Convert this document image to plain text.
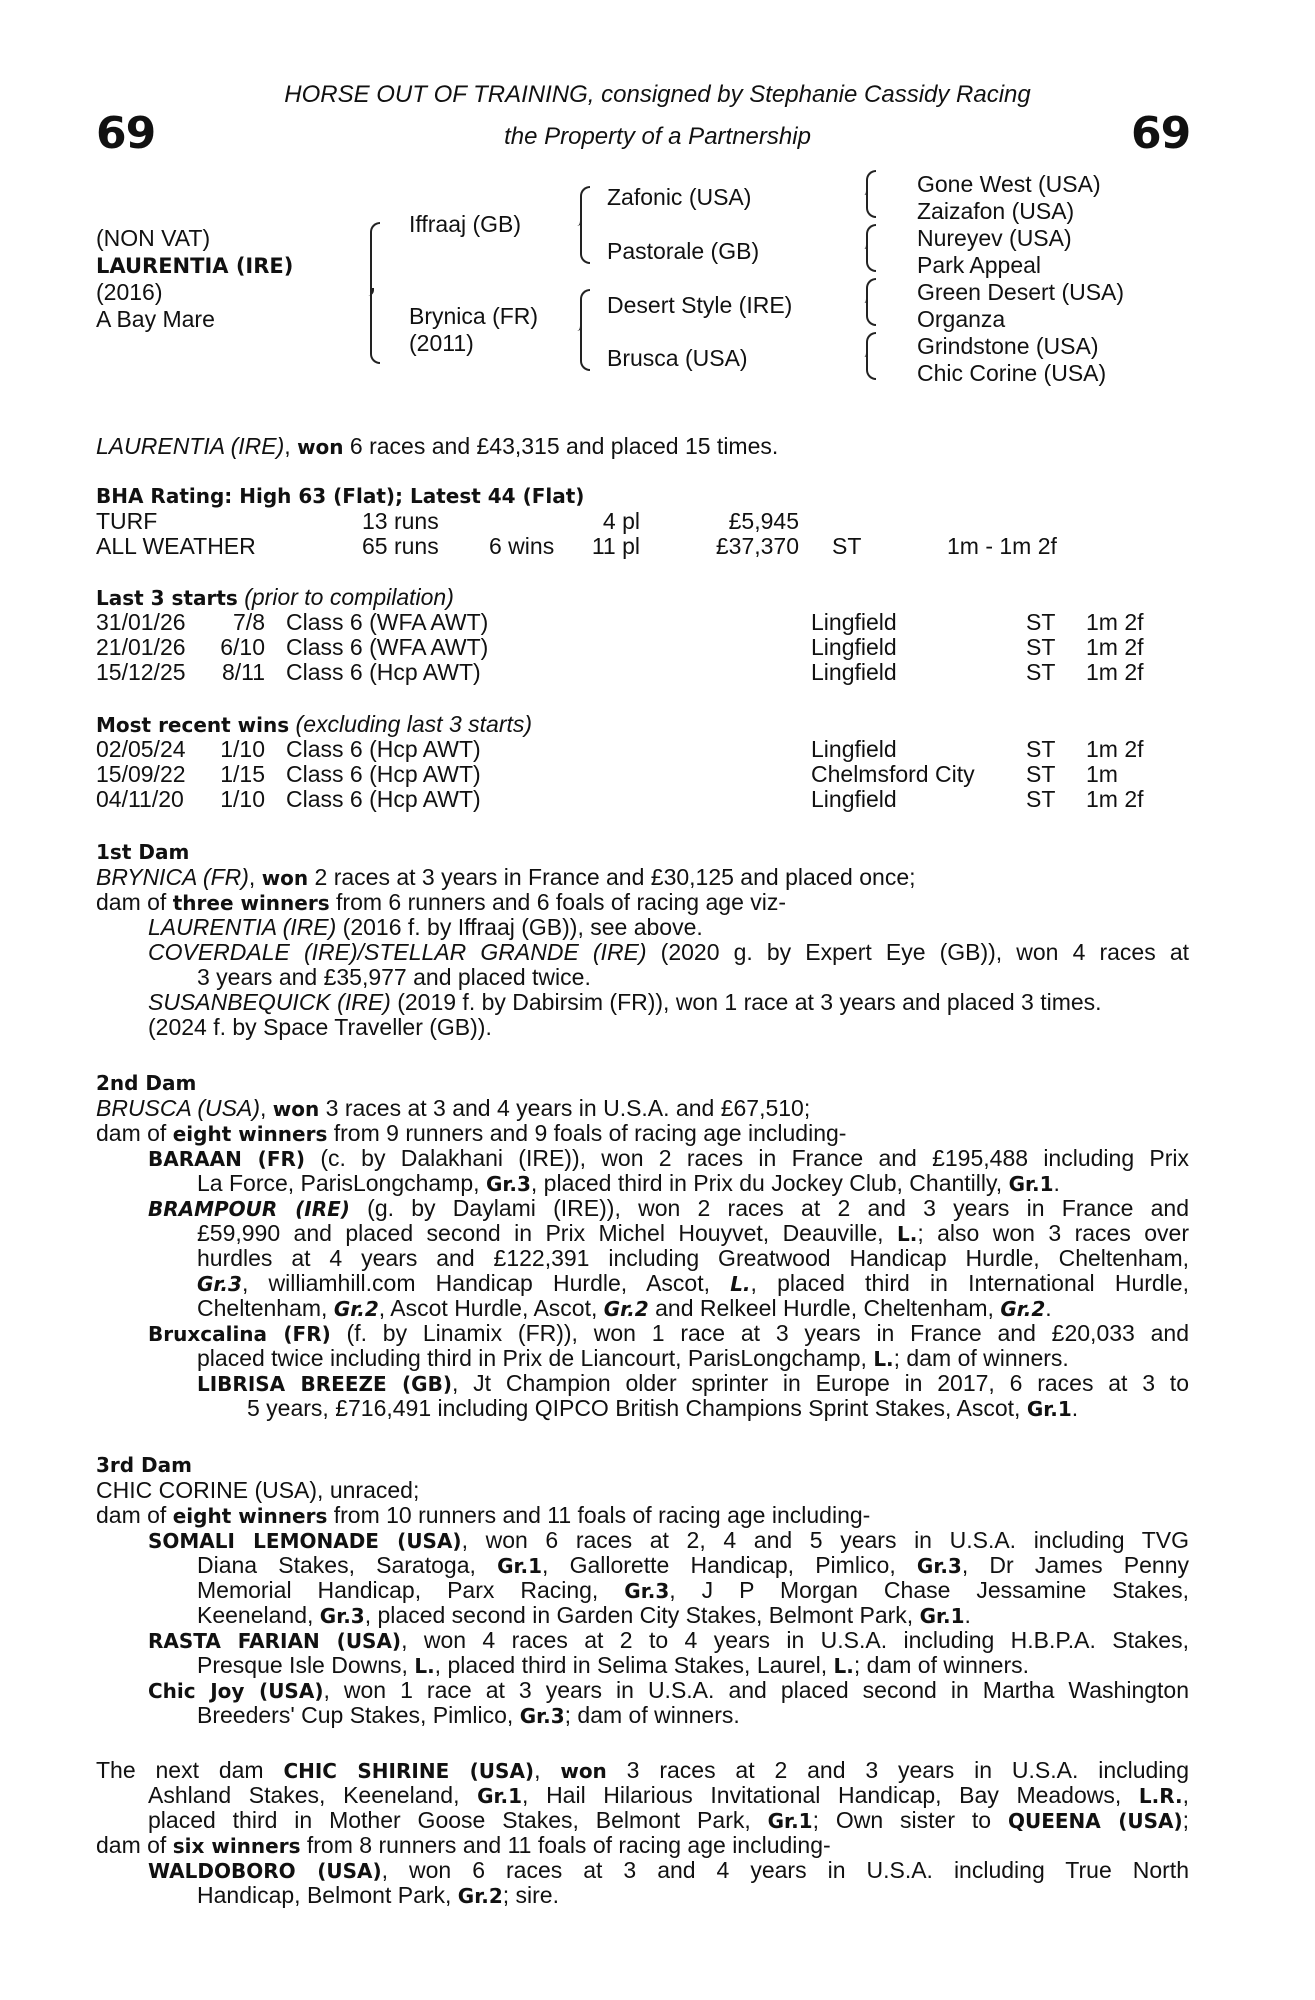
69	69
HORSE OUT OF TRAINING, consigned by Stephanie Cassidy Racing
the Property of a Partnership
(NON VAT)
LAURENTIA (IRE)
(2016)
A Bay Mare
Iffraaj (GB)
Brynica (FR)
(2011)
Zafonic (USA)
Pastorale (GB)
Desert Style (IRE)
Brusca (USA)
Gone West (USA)
Zaizafon (USA)
Nureyev (USA)
Park Appeal
Green Desert (USA)
Organza
Grindstone (USA)
Chic Corine (USA)
LAURENTIA (IRE), won 6 races and £43,315 and placed 15 times.
BHA Rating: High 63 (Flat); Latest 44 (Flat)
TURF	13 runs	4 pl	£5,945
ALL WEATHER	65 runs 6 wins	11 pl	£37,370 ST	1m - 1m 2f
Last 3 starts (prior to compilation)
31/01/26	7/8 Class 6 (WFA AWT)	Lingfield	ST 1m 2f
21/01/26	6/10 Class 6 (WFA AWT)	Lingfield	ST 1m 2f
15/12/25	8/11 Class 6 (Hcp AWT)	Lingfield	ST 1m 2f
Most recent wins (excluding last 3 starts)
02/05/24	1/10 Class 6 (Hcp AWT)	Lingfield	ST 1m 2f
15/09/22	1/15 Class 6 (Hcp AWT)	Chelmsford City ST 1m
04/11/20	1/10 Class 6 (Hcp AWT)	Lingfield	ST 1m 2f
1st Dam
BRYNICA (FR), won 2 races at 3 years in France and £30,125 and placed once;
dam of three winners from 6 runners and 6 foals of racing age viz-
LAURENTIA (IRE) (2016 f. by Iffraaj (GB)), see above.
COVERDALE (IRE)/STELLAR GRANDE (IRE) (2020 g. by Expert Eye (GB)), won 4 races at
3 years and £35,977 and placed twice.
SUSANBEQUICK (IRE) (2019 f. by Dabirsim (FR)), won 1 race at 3 years and placed 3 times.
(2024 f. by Space Traveller (GB)).
2nd Dam
BRUSCA (USA), won 3 races at 3 and 4 years in U.S.A. and £67,510;
dam of eight winners from 9 runners and 9 foals of racing age including-
BARAAN (FR) (c. by Dalakhani (IRE)), won 2 races in France and £195,488 including Prix
La Force, ParisLongchamp, Gr.3, placed third in Prix du Jockey Club, Chantilly, Gr.1.
BRAMPOUR (IRE) (g. by Daylami (IRE)), won 2 races at 2 and 3 years in France and
£59,990 and placed second in Prix Michel Houyvet, Deauville, L.; also won 3 races over
hurdles at 4 years and £122,391 including Greatwood Handicap Hurdle, Cheltenham,
Gr.3, williamhill.com Handicap Hurdle, Ascot, L., placed third in International Hurdle,
Cheltenham, Gr.2, Ascot Hurdle, Ascot, Gr.2 and Relkeel Hurdle, Cheltenham, Gr.2.
Bruxcalina (FR) (f. by Linamix (FR)), won 1 race at 3 years in France and £20,033 and
placed twice including third in Prix de Liancourt, ParisLongchamp, L.; dam of winners.
LIBRISA BREEZE (GB), Jt Champion older sprinter in Europe in 2017, 6 races at 3 to
5 years, £716,491 including QIPCO British Champions Sprint Stakes, Ascot, Gr.1.
3rd Dam
CHIC CORINE (USA), unraced;
dam of eight winners from 10 runners and 11 foals of racing age including-
SOMALI LEMONADE (USA), won 6 races at 2, 4 and 5 years in U.S.A. including TVG
Diana Stakes, Saratoga, Gr.1, Gallorette Handicap, Pimlico, Gr.3, Dr James Penny
Memorial Handicap, Parx Racing, Gr.3, J P Morgan Chase Jessamine Stakes,
Keeneland, Gr.3, placed second in Garden City Stakes, Belmont Park, Gr.1.
RASTA FARIAN (USA), won 4 races at 2 to 4 years in U.S.A. including H.B.P.A. Stakes,
Presque Isle Downs, L., placed third in Selima Stakes, Laurel, L.; dam of winners.
Chic Joy (USA), won 1 race at 3 years in U.S.A. and placed second in Martha Washington
Breeders' Cup Stakes, Pimlico, Gr.3; dam of winners.
The next dam CHIC SHIRINE (USA), won 3 races at 2 and 3 years in U.S.A. including
Ashland Stakes, Keeneland, Gr.1, Hail Hilarious Invitational Handicap, Bay Meadows, L.R.,
placed third in Mother Goose Stakes, Belmont Park, Gr.1; Own sister to QUEENA (USA);
dam of six winners from 8 runners and 11 foals of racing age including-
WALDOBORO (USA), won 6 races at 3 and 4 years in U.S.A. including True North
Handicap, Belmont Park, Gr.2; sire.
